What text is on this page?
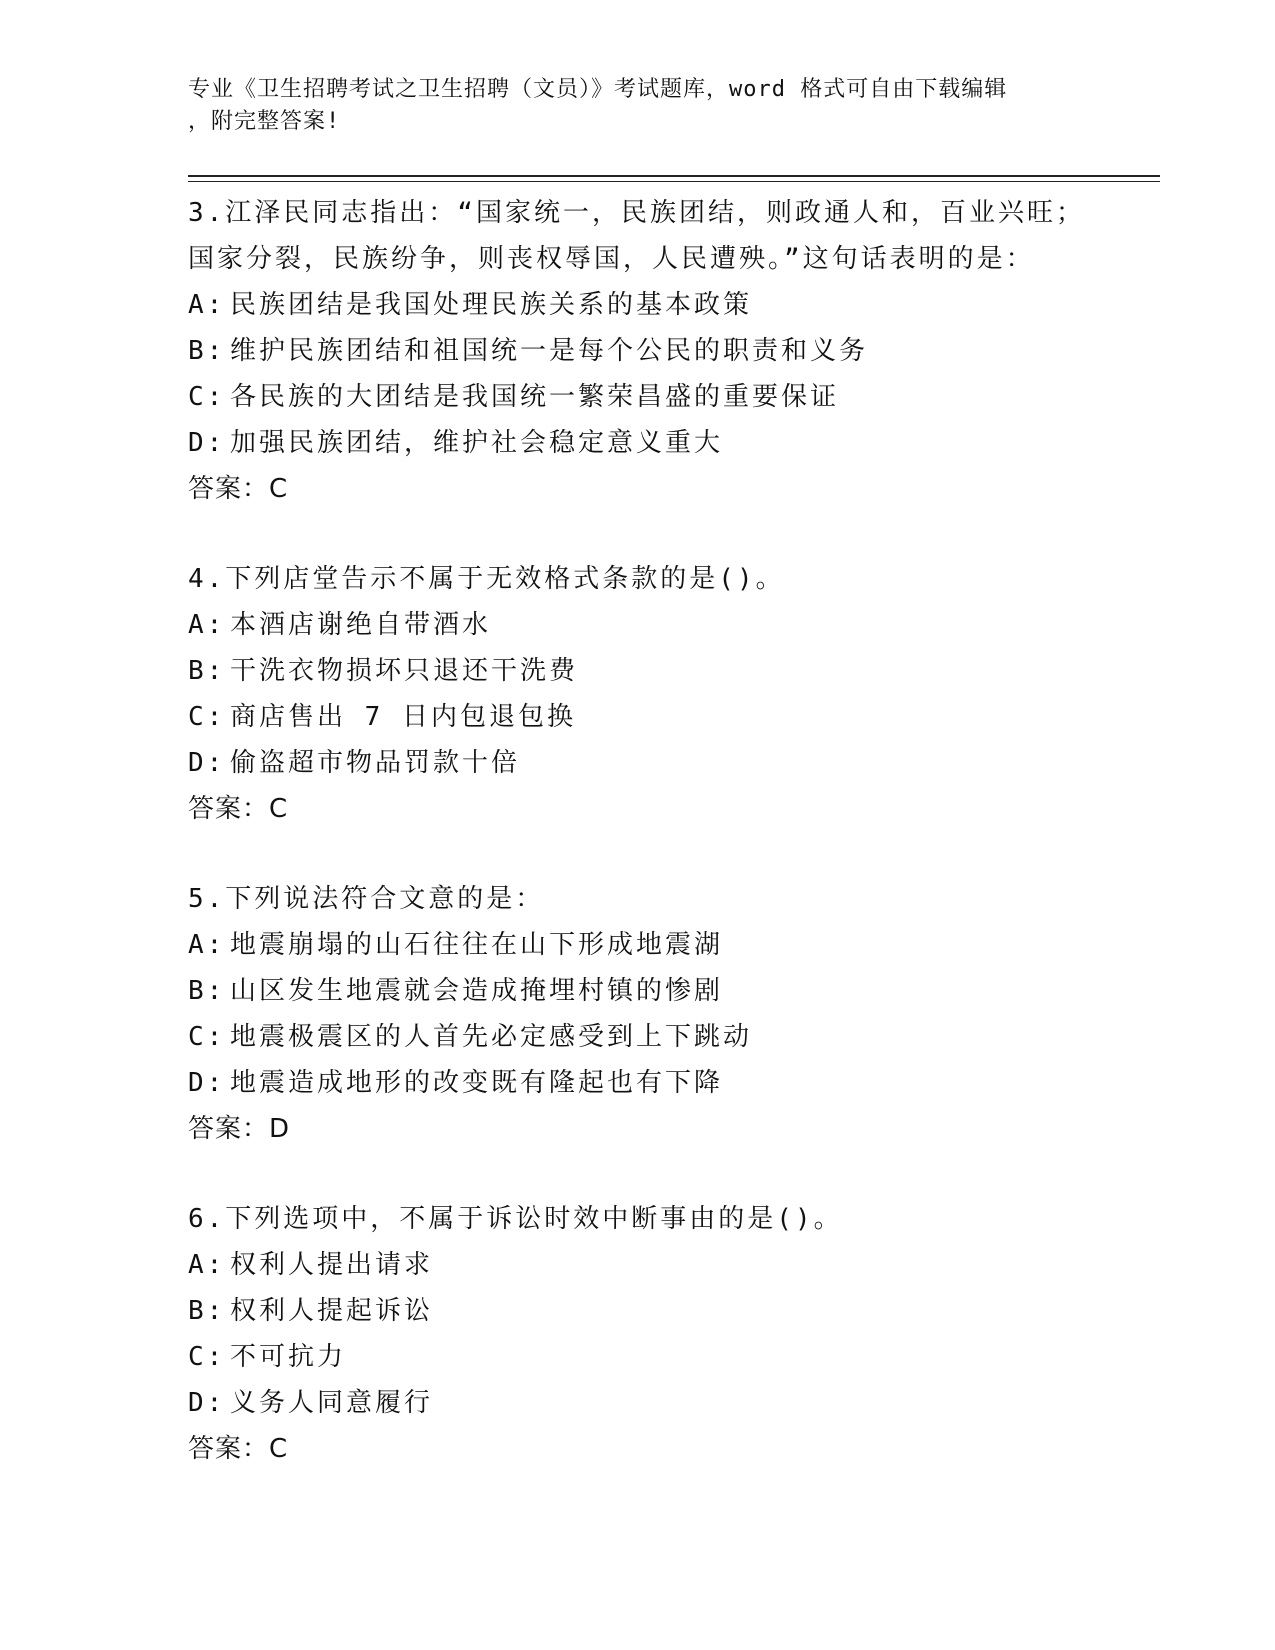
专业《卫生招聘考试之卫生招聘（文员）》考试题库，word 格式可自由下载编辑
，附完整答案!
3.江泽民同志指出：“国家统一，民族团结，则政通人和，百业兴旺；
国家分裂，民族纷争，则丧权辱国，人民遭殃。”这句话表明的是：
A: 民族团结是我国处理民族关系的基本政策
B: 维护民族团结和祖国统一是每个公民的职责和义务
C: 各民族的大团结是我国统一繁荣昌盛的重要保证
D: 加强民族团结，维护社会稳定意义重大
答案：C
4.下列店堂告示不属于无效格式条款的是()。
A: 本酒店谢绝自带酒水
B: 干洗衣物损坏只退还干洗费
C: 商店售出 7 日内包退包换
D: 偷盗超市物品罚款十倍
答案：C
5.下列说法符合文意的是：
A: 地震崩塌的山石往往在山下形成地震湖
B: 山区发生地震就会造成掩埋村镇的惨剧
C: 地震极震区的人首先必定感受到上下跳动
D: 地震造成地形的改变既有隆起也有下降
答案：D
6.下列选项中，不属于诉讼时效中断事由的是()。
A: 权利人提出请求
B: 权利人提起诉讼
C: 不可抗力
D: 义务人同意履行
答案：C
